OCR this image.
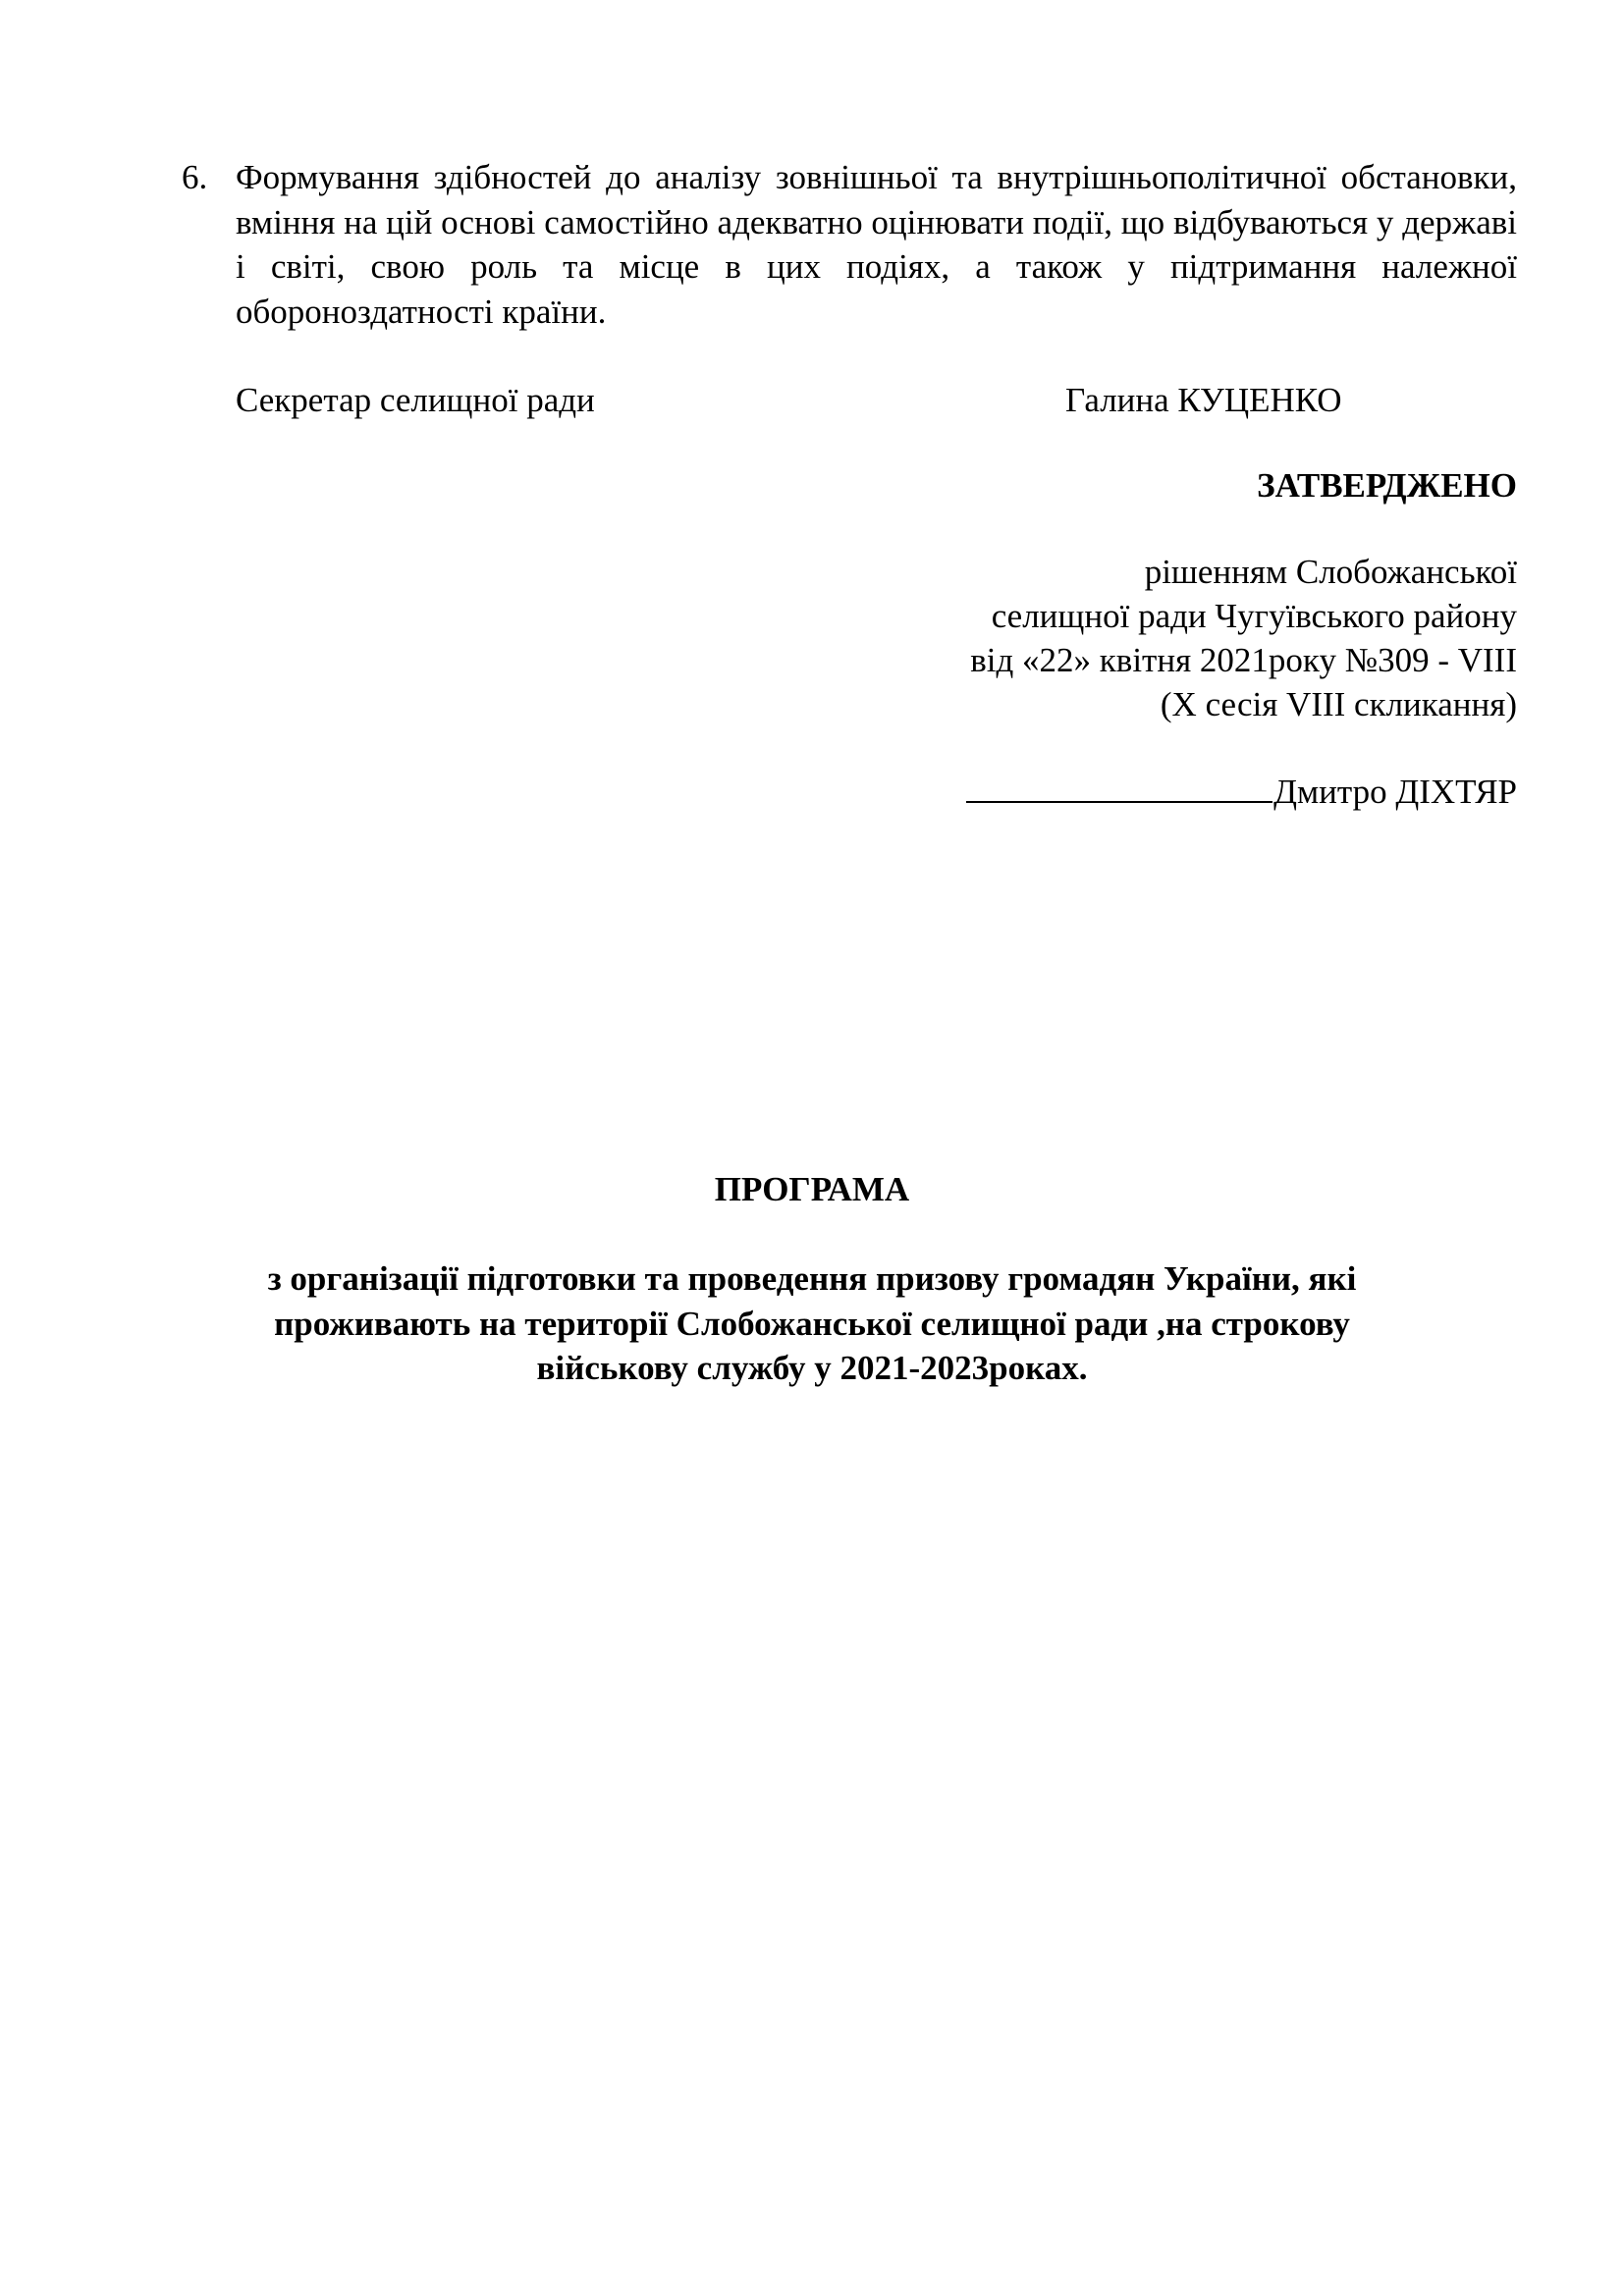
6. Формування здібностей до аналізу зовнішньої та внутрішньополітичної обстановки, вміння на цій основі самостійно адекватно оцінювати події, що відбуваються у державі і світі, свою роль та місце в цих подіях, а також у підтримання належної обороноздатності країни.
Секретар селищної ради	Галина КУЦЕНКО
ЗАТВЕРДЖЕНО
рішенням Слобожанської
селищної ради Чугуївського району
від «22» квітня 2021року №309 - VIII
(Х сесія VIII скликання)
Дмитро ДІХТЯР
ПРОГРАМА
з організації підготовки та проведення призову громадян України, які
проживають на території Слобожанської селищної ради ,на строкову
військову службу у 2021-2023роках.
